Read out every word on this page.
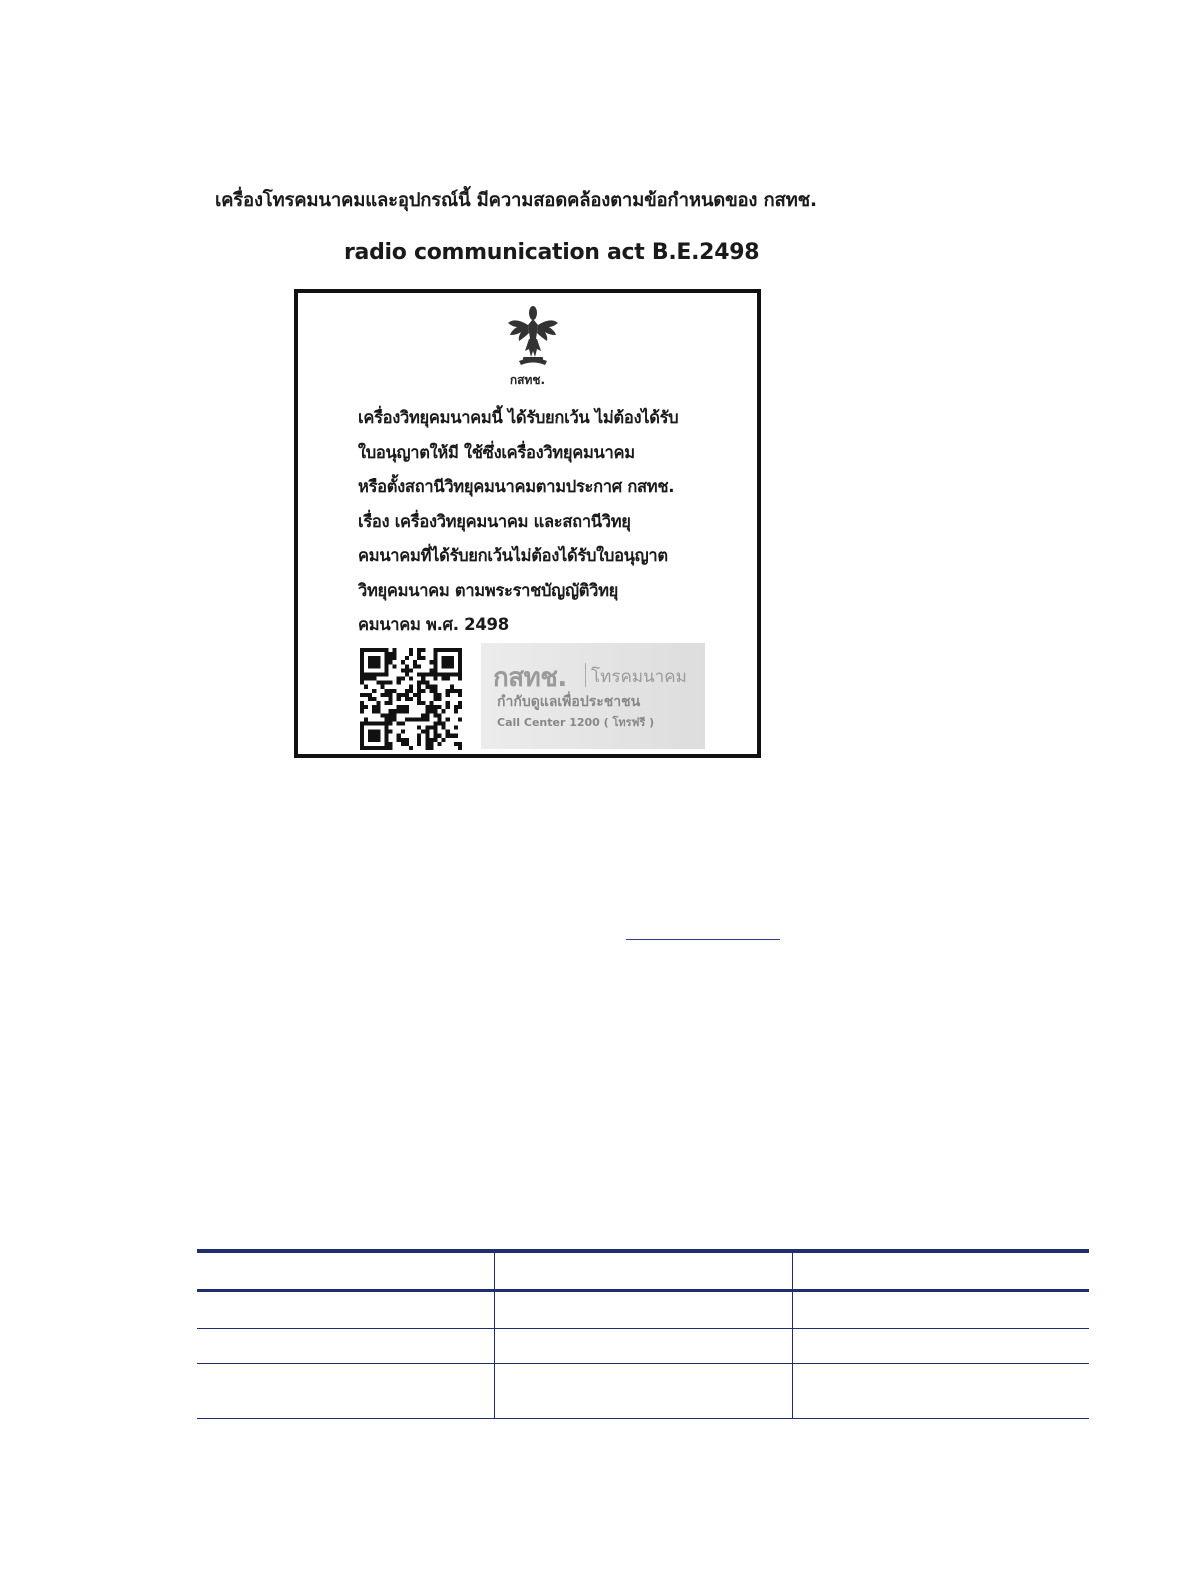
เครื่องโทรคมนาคมและอุปกรณ์นี้ มีความสอดคล้องตามข้อกำหนดของ กสทช.
radio communication act B.E.2498
กสทช.
เครื่องวิทยุคมนาคมนี้ ได้รับยกเว้น ไม่ต้องได้รับ
ใบอนุญาตให้มี ใช้ซึ่งเครื่องวิทยุคมนาคม
หรือตั้งสถานีวิทยุคมนาคมตามประกาศ กสทช.
เรื่อง เครื่องวิทยุคมนาคม และสถานีวิทยุ
คมนาคมที่ได้รับยกเว้นไม่ต้องได้รับใบอนุญาต
วิทยุคมนาคม ตามพระราชบัญญัติวิทยุ
คมนาคม พ.ศ. 2498
กสทช. โทรคมนาคม
กำกับดูแลเพื่อประชาชน
Call Center 1200 ( โทรฟรี )
